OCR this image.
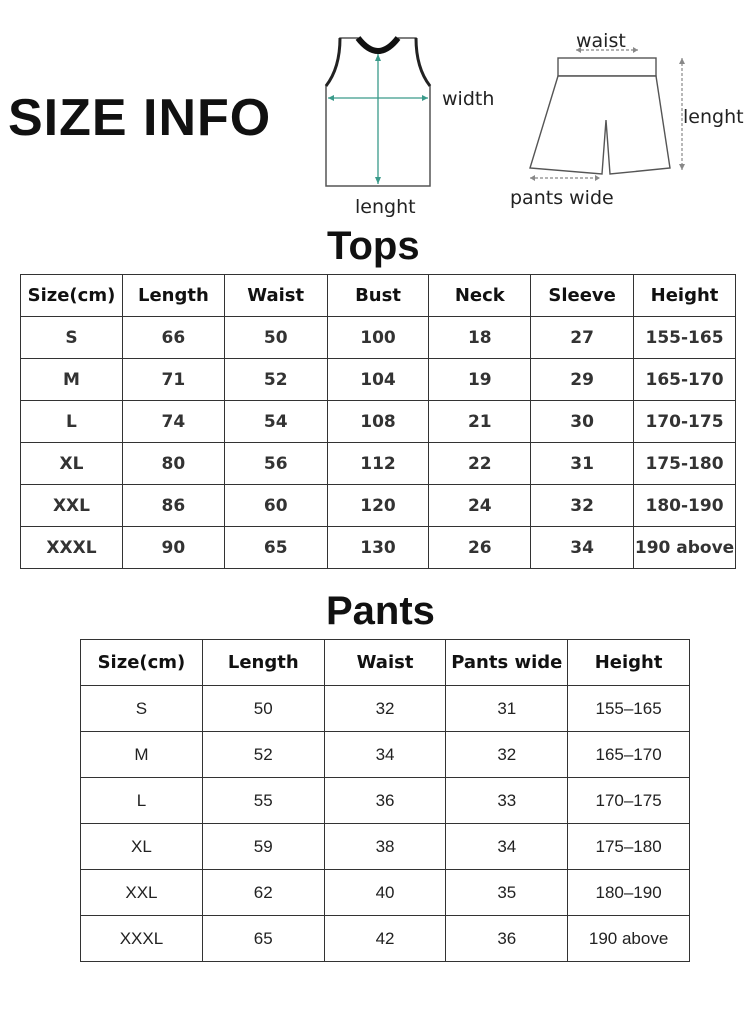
SIZE INFO	width
lenght
waist
lenght
pants wide
Tops
Size(cm)	Length	Waist	Bust	Neck	Sleeve	Height
S	66	50	100	18	27	155-165
M	71	52	104	19	29	165-170
L	74	54	108	21	30	170-175
XL	80	56	112	22	31	175-180
XXL	86	60	120	24	32	180-190
XXXL	90	65	130	26	34	190 above
Pants
Size(cm)	Length	Waist	Pants wide	Height
S	50	32	31	155–165
M	52	34	32	165–170
L	55	36	33	170–175
XL	59	38	34	175–180
XXL	62	40	35	180–190
XXXL	65	42	36	190 above
